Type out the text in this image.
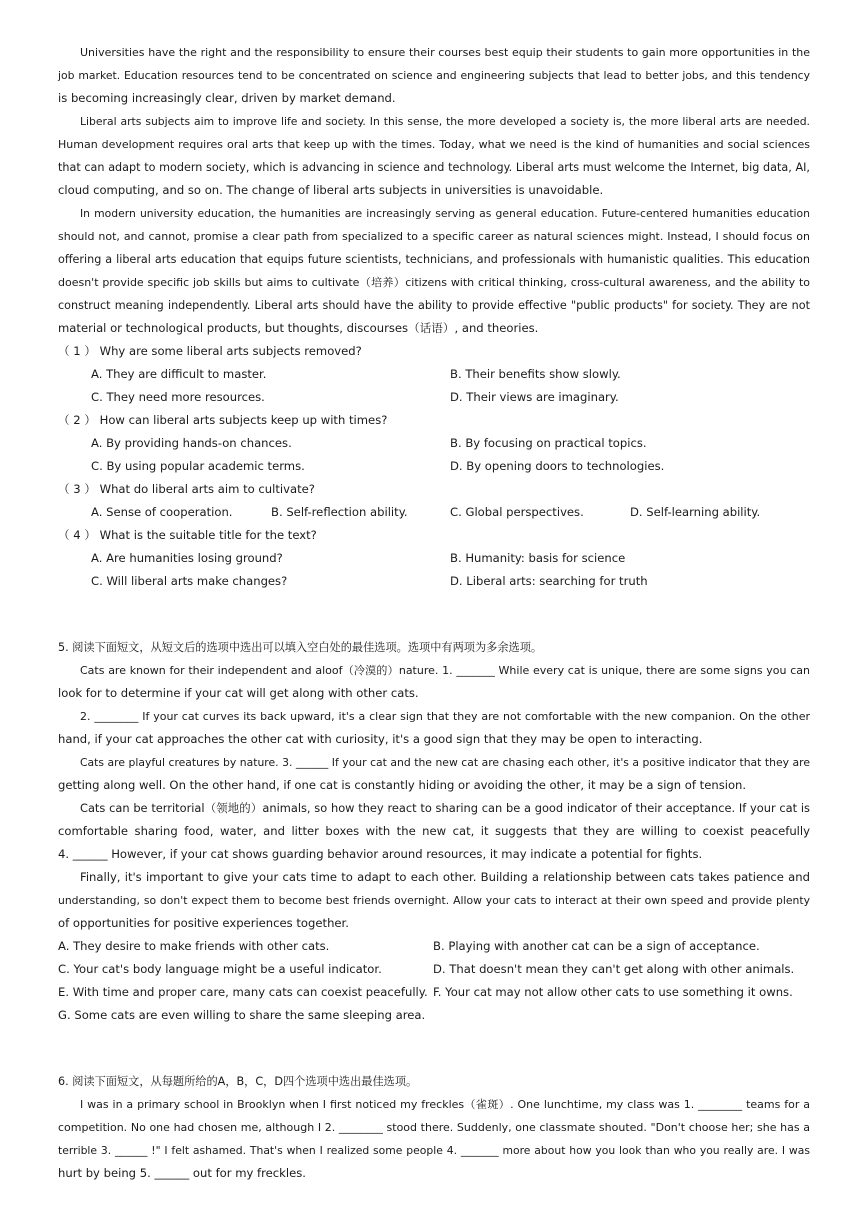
Universities have the right and the responsibility to ensure their courses best equip their students to gain more opportunities in the
job market. Education resources tend to be concentrated on science and engineering subjects that lead to better jobs, and this tendency
is becoming increasingly clear, driven by market demand.
Liberal arts subjects aim to improve life and society. In this sense, the more developed a society is, the more liberal arts are needed.
Human development requires oral arts that keep up with the times. Today, what we need is the kind of humanities and social sciences
that can adapt to modern society, which is advancing in science and technology. Liberal arts must welcome the Internet, big data, AI,
cloud computing, and so on. The change of liberal arts subjects in universities is unavoidable.
In modern university education, the humanities are increasingly serving as general education. Future-centered humanities education
should not, and cannot, promise a clear path from specialized to a specific career as natural sciences might. Instead, I should focus on
offering a liberal arts education that equips future scientists, technicians, and professionals with humanistic qualities. This education
doesn't provide specific job skills but aims to cultivate（培养）citizens with critical thinking, cross-cultural awareness, and the ability to
construct meaning independently. Liberal arts should have the ability to provide effective "public products" for society. They are not
material or technological products, but thoughts, discourses（话语）, and theories.
（ 1 ） Why are some liberal arts subjects removed?
A. They are difficult to master.	B. Their benefits show slowly.
C. They need more resources.	D. Their views are imaginary.
（ 2 ） How can liberal arts subjects keep up with times?
A. By providing hands-on chances.	B. By focusing on practical topics.
C. By using popular academic terms.	D. By opening doors to technologies.
（ 3 ） What do liberal arts aim to cultivate?
A. Sense of cooperation.	B. Self-reflection ability.	C. Global perspectives.	D. Self-learning ability.
（ 4 ） What is the suitable title for the text?
A. Are humanities losing ground?	B. Humanity: basis for science
C. Will liberal arts make changes?	D. Liberal arts: searching for truth
5. 阅读下面短文，从短文后的选项中选出可以填入空白处的最佳选项。选项中有两项为多余选项。
Cats are known for their independent and aloof（冷漠的）nature. 1. _______ While every cat is unique, there are some signs you can
look for to determine if your cat will get along with other cats.
2. ________ If your cat curves its back upward, it's a clear sign that they are not comfortable with the new companion. On the other
hand, if your cat approaches the other cat with curiosity, it's a good sign that they may be open to interacting.
Cats are playful creatures by nature. 3. ______ If your cat and the new cat are chasing each other, it's a positive indicator that they are
getting along well. On the other hand, if one cat is constantly hiding or avoiding the other, it may be a sign of tension.
Cats can be territorial（领地的）animals, so how they react to sharing can be a good indicator of their acceptance. If your cat is
comfortable sharing food, water, and litter boxes with the new cat, it suggests that they are willing to coexist peacefully
4. ______ However, if your cat shows guarding behavior around resources, it may indicate a potential for fights.
Finally, it's important to give your cats time to adapt to each other. Building a relationship between cats takes patience and
understanding, so don't expect them to become best friends overnight. Allow your cats to interact at their own speed and provide plenty
of opportunities for positive experiences together.
A. They desire to make friends with other cats.	B. Playing with another cat can be a sign of acceptance.
C. Your cat's body language might be a useful indicator.	D. That doesn't mean they can't get along with other animals.
E. With time and proper care, many cats can coexist peacefully. F. Your cat may not allow other cats to use something it owns.
G. Some cats are even willing to share the same sleeping area.
6. 阅读下面短文，从每题所给的A，B，C，D四个选项中选出最佳选项。
I was in a primary school in Brooklyn when I first noticed my freckles（雀斑）. One lunchtime, my class was 1. ________ teams for a
competition. No one had chosen me, although I 2. ________ stood there. Suddenly, one classmate shouted. "Don't choose her; she has a
terrible 3. ______ !" I felt ashamed. That's when I realized some people 4. _______ more about how you look than who you really are. I was
hurt by being 5. ______ out for my freckles.
